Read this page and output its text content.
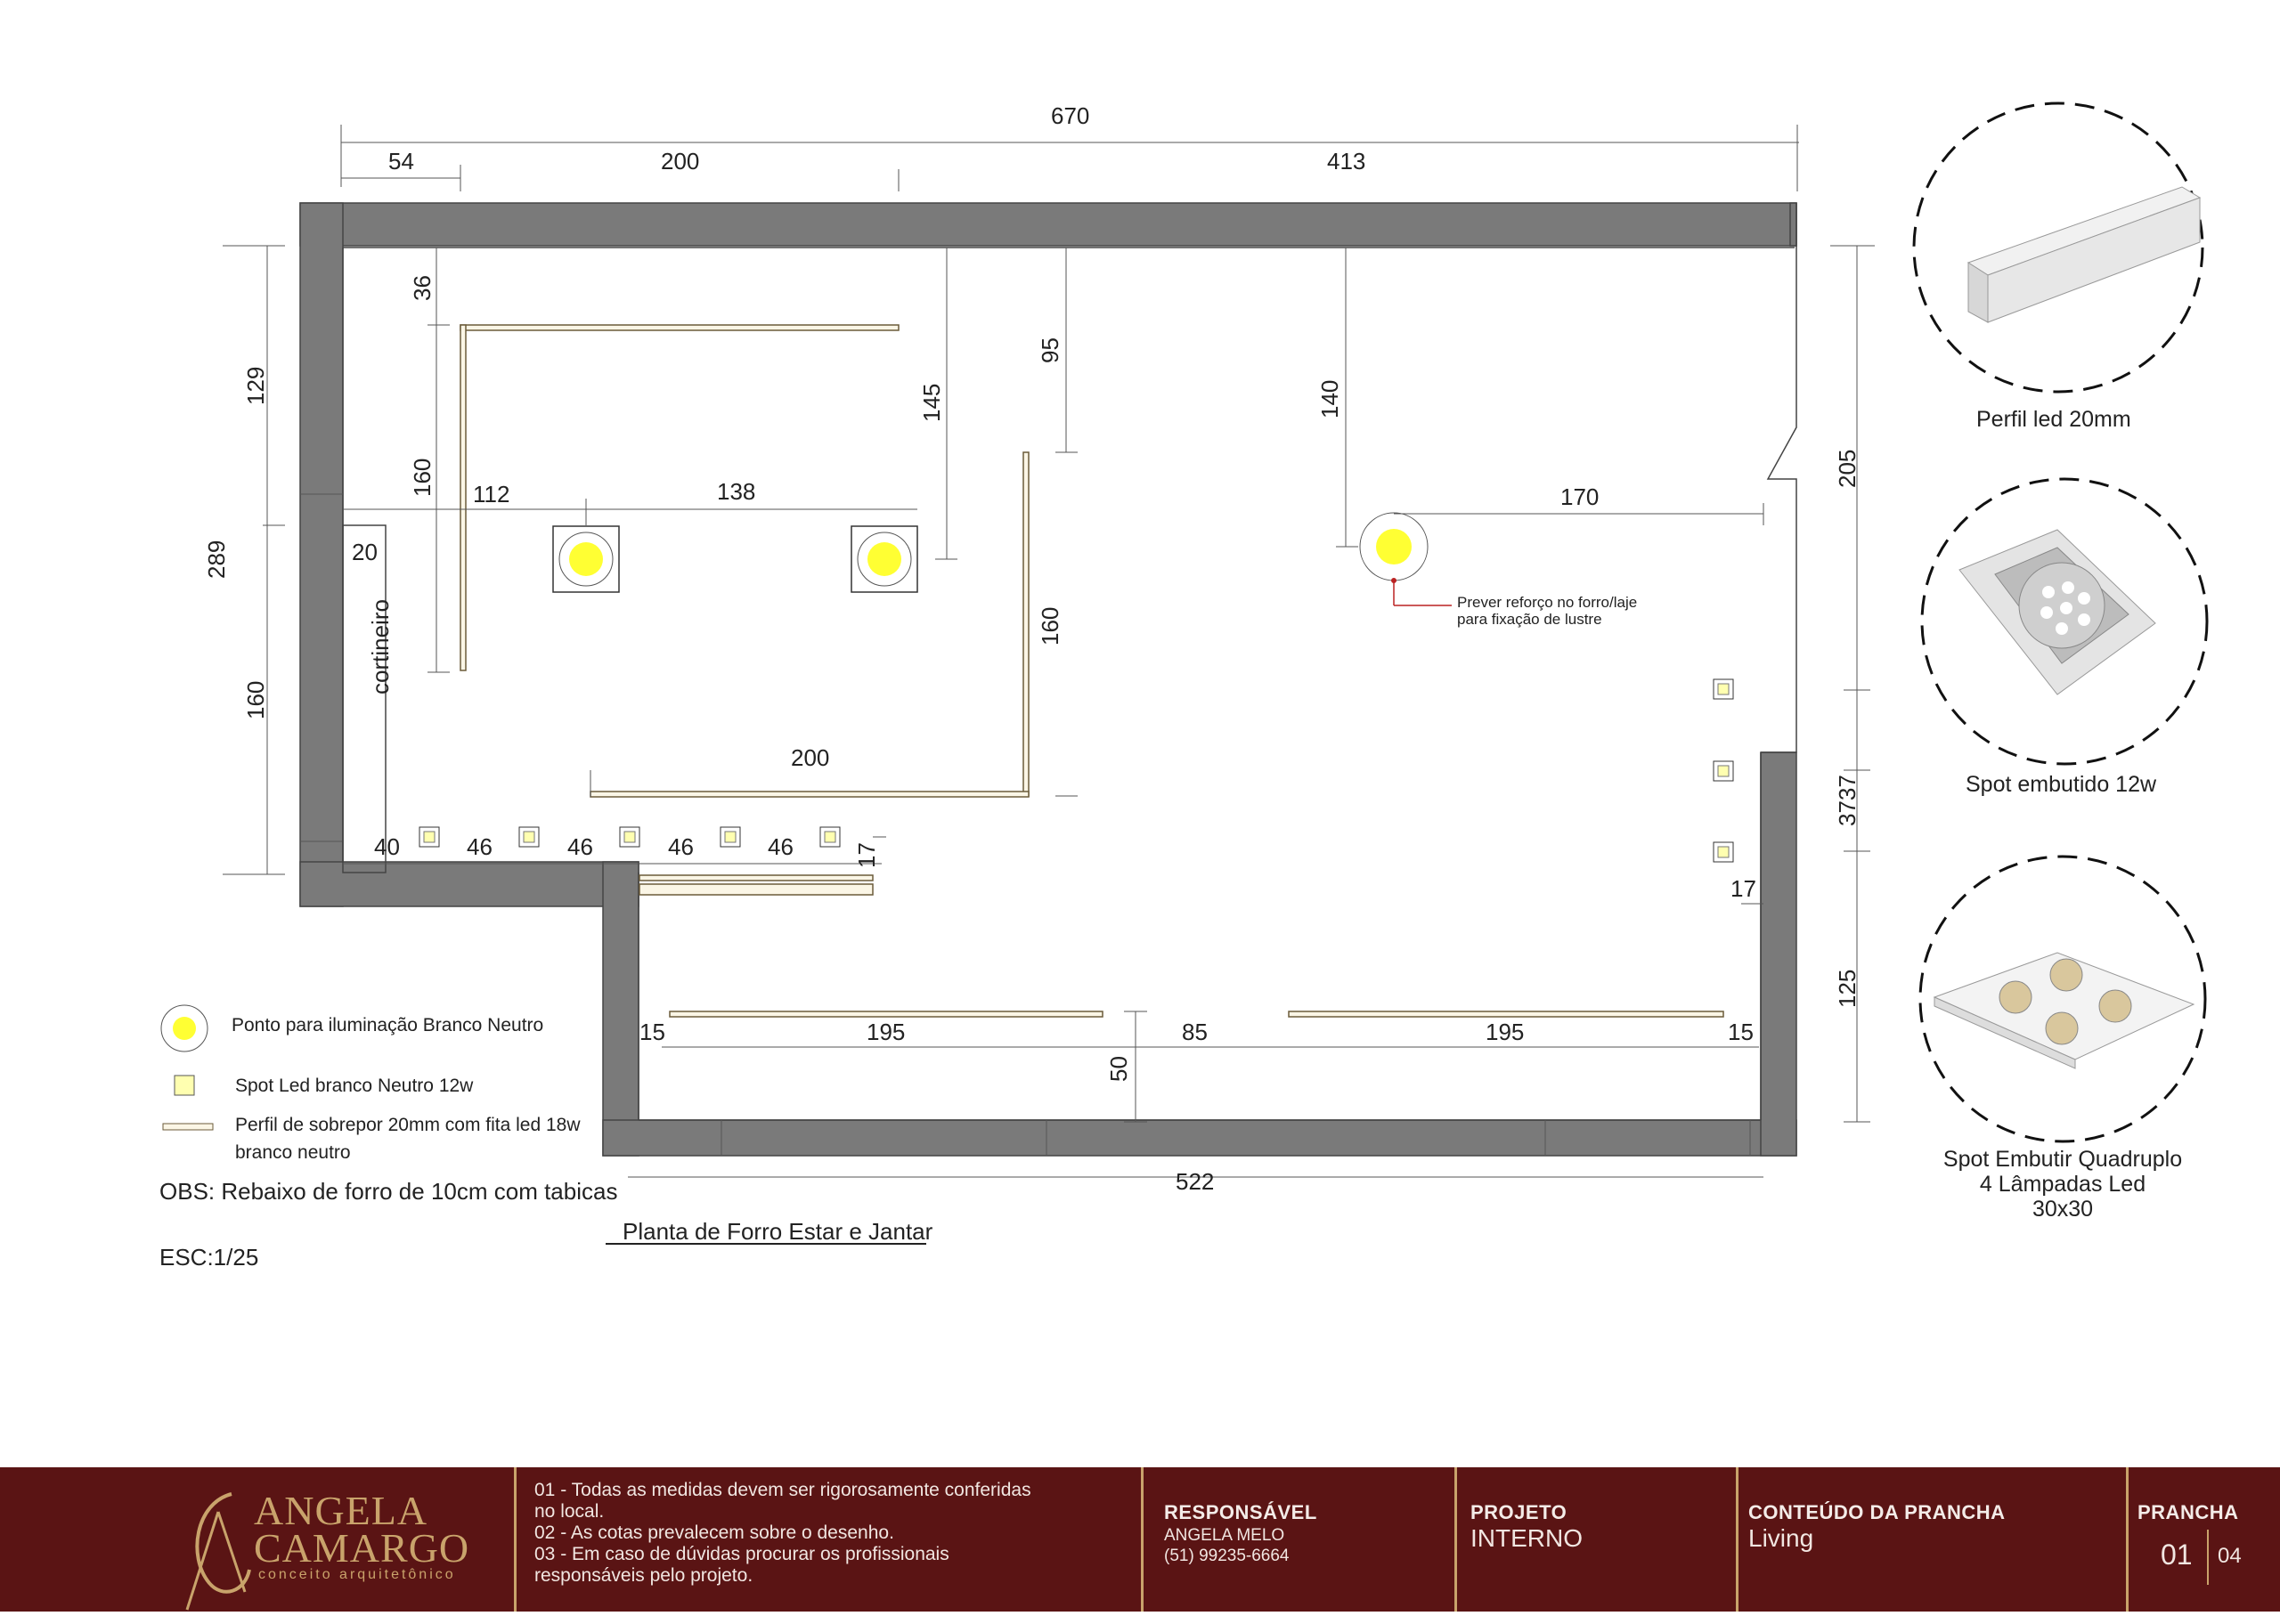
cortineiro
670
54	200	413
129
289
160
205
3737
125
36
160
145
95
140
112	138	170
20
160
200
40	46	46	46	46	17
17
15	195	85	195	15
50
522
Prever reforço no forro/laje
para fixação de lustre
Ponto para iluminação Branco Neutro
Spot Led branco Neutro 12w
Perfil de sobrepor 20mm com fita led 18w
branco neutro
OBS: Rebaixo de forro de 10cm com tabicas
ESC:1/25
Planta de Forro Estar e Jantar
Perfil led 20mm
Spot embutido 12w
Spot Embutir Quadruplo
4 Lâmpadas Led
30x30
ANGELA
CAMARGO
conceito arquitetônico
01 - Todas as medidas devem ser rigorosamente conferidas
no local.
02 - As cotas prevalecem sobre o desenho.
03 - Em caso de dúvidas procurar os profissionais
responsáveis pelo projeto.
RESPONSÁVEL
ANGELA MELO
(51) 99235-6664
PROJETO
INTERNO
CONTEÚDO DA PRANCHA
Living
PRANCHA
01 04
